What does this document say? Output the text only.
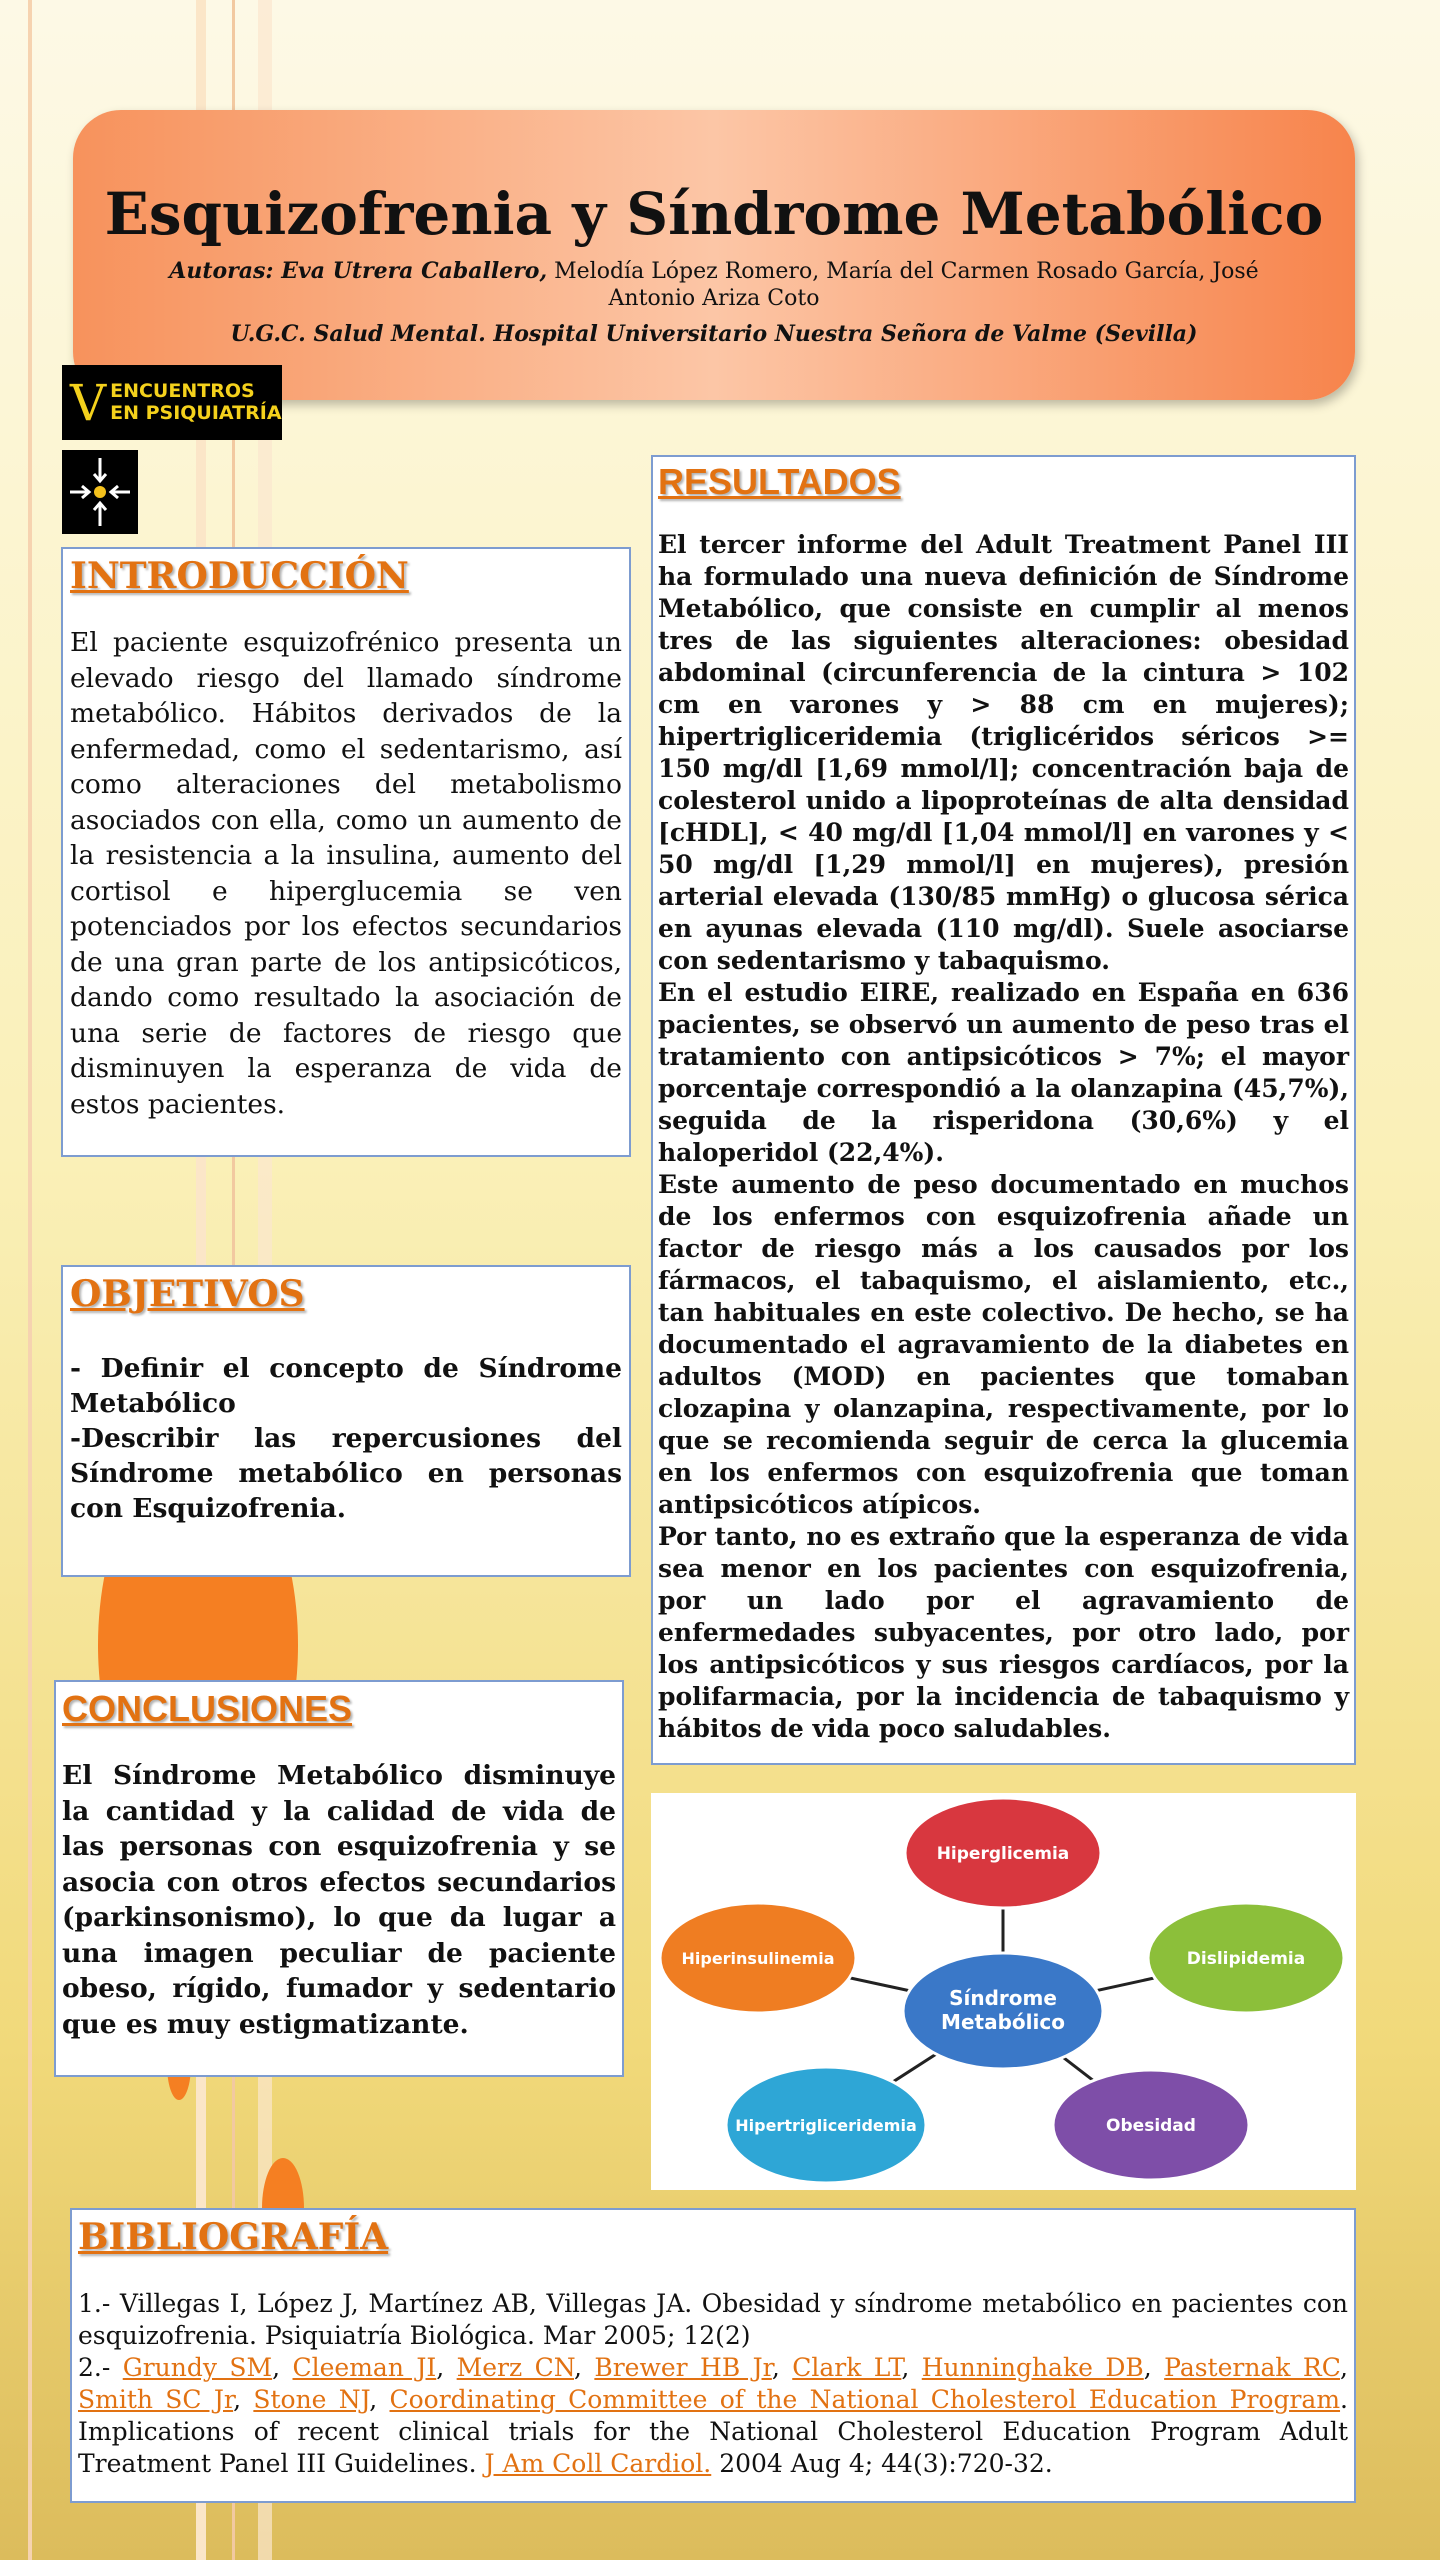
Esquizofrenia y Síndrome Metabólico
Autoras: Eva Utrera Caballero, Melodía López Romero, María del Carmen Rosado García, José Antonio Ariza Coto
U.G.C. Salud Mental. Hospital Universitario Nuestra Señora de Valme (Sevilla)
V ENCUENTROS
EN PSIQUIATRÍA
INTRODUCCIÓN

El paciente esquizofrénico presenta un elevado riesgo del llamado síndrome metabólico. Hábitos derivados de la enfermedad, como el sedentarismo, así como alteraciones del metabolismo asociados con ella, como un aumento de la resistencia a la insulina, aumento del cortisol e hiperglucemia se ven potenciados por los efectos secundarios de una gran parte de los antipsicóticos, dando como resultado la asociación de una serie de factores de riesgo que disminuyen la esperanza de vida de estos pacientes.

OBJETIVOS

- Definir el concepto de Síndrome Metabólico

-Describir las repercusiones del Síndrome metabólico en personas con Esquizofrenia.

CONCLUSIONES

El Síndrome Metabólico disminuye la cantidad y la calidad de vida de las personas con esquizofrenia y se asocia con otros efectos secundarios (parkinsonismo), lo que da lugar a una imagen peculiar de paciente obeso, rígido, fumador y sedentario que es muy estigmatizante.

RESULTADOS

El tercer informe del Adult Treatment Panel III ha formulado una nueva definición de Síndrome Metabólico, que consiste en cumplir al menos tres de las siguientes alteraciones: obesidad abdominal (circunferencia de la cintura > 102 cm en varones y > 88 cm en mujeres); hipertrigliceridemia (triglicéridos séricos >= 150 mg/dl [1,69 mmol/l]; concentración baja de colesterol unido a lipoproteínas de alta densidad [cHDL], < 40 mg/dl [1,04 mmol/l] en varones y < 50 mg/dl [1,29 mmol/l] en mujeres), presión arterial elevada (130/85 mmHg) o glucosa sérica en ayunas elevada (110 mg/dl). Suele asociarse con sedentarismo y tabaquismo.

En el estudio EIRE, realizado en España en 636 pacientes, se observó un aumento de peso tras el tratamiento con antipsicóticos > 7%; el mayor porcentaje correspondió a la olanzapina (45,7%), seguida de la risperidona (30,6%) y el haloperidol (22,4%).

Este aumento de peso documentado en muchos de los enfermos con esquizofrenia añade un factor de riesgo más a los causados por los fármacos, el tabaquismo, el aislamiento, etc., tan habituales en este colectivo. De hecho, se ha documentado el agravamiento de la diabetes en adultos (MOD) en pacientes que tomaban clozapina y olanzapina, respectivamente, por lo que se recomienda seguir de cerca la glucemia en los enfermos con esquizofrenia que toman antipsicóticos atípicos.

Por tanto, no es extraño que la esperanza de vida sea menor en los pacientes con esquizofrenia, por un lado por el agravamiento de enfermedades subyacentes, por otro lado, por los antipsicóticos y sus riesgos cardíacos, por la polifarmacia, por la incidencia de tabaquismo y hábitos de vida poco saludables.

Hiperglicemia
Dislipidemia
Obesidad
Hipertrigliceridemia
Hiperinsulinemia
Síndrome
Metabólico
BIBLIOGRAFÍA

1.- Villegas I, López J, Martínez AB, Villegas JA. Obesidad y síndrome metabólico en pacientes con esquizofrenia. Psiquiatría Biológica. Mar 2005; 12(2)

2.- Grundy SM, Cleeman JI, Merz CN, Brewer HB Jr, Clark LT, Hunninghake DB, Pasternak RC, Smith SC Jr, Stone NJ, Coordinating Committee of the National Cholesterol Education Program. Implications of recent clinical trials for the National Cholesterol Education Program Adult Treatment Panel III Guidelines. J Am Coll Cardiol. 2004 Aug 4; 44(3):720-32.
